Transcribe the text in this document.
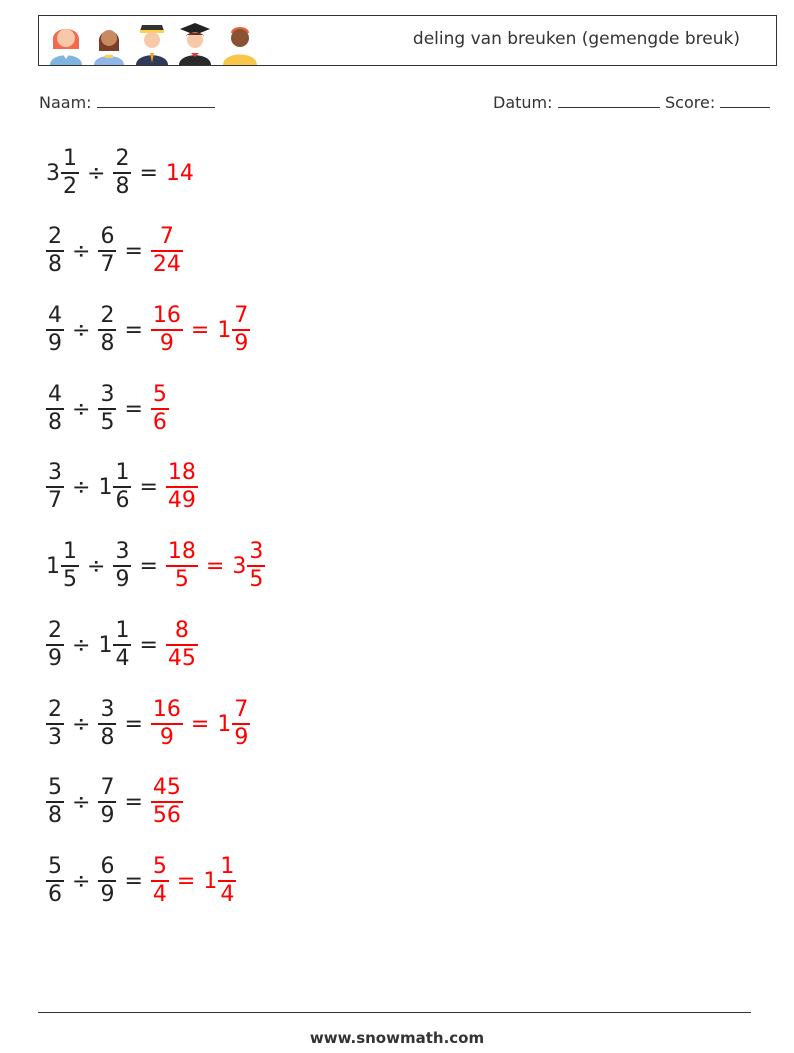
deling van breuken (gemengde breuk)
Naam:	Datum:	Score:
$3 \frac{1}{2} \div \frac{2}{8} = 14$
$\frac{2}{8} \div \frac{6}{7} = \frac{7}{24}$
$\frac{4}{9} \div \frac{2}{8} = \frac{16}{9} = 1 \frac{7}{9}$
$\frac{4}{8} \div \frac{3}{5} = \frac{5}{6}$
$\frac{3}{7} \div 1 \frac{1}{6} = \frac{18}{49}$
$1 \frac{1}{5} \div \frac{3}{9} = \frac{18}{5} = 3 \frac{3}{5}$
$\frac{2}{9} \div 1 \frac{1}{4} = \frac{8}{45}$
$\frac{2}{3} \div \frac{3}{8} = \frac{16}{9} = 1 \frac{7}{9}$
$\frac{5}{8} \div \frac{7}{9} = \frac{45}{56}$
$\frac{5}{6} \div \frac{6}{9} = \frac{5}{4} = 1 \frac{1}{4}$
www.snowmath.com
